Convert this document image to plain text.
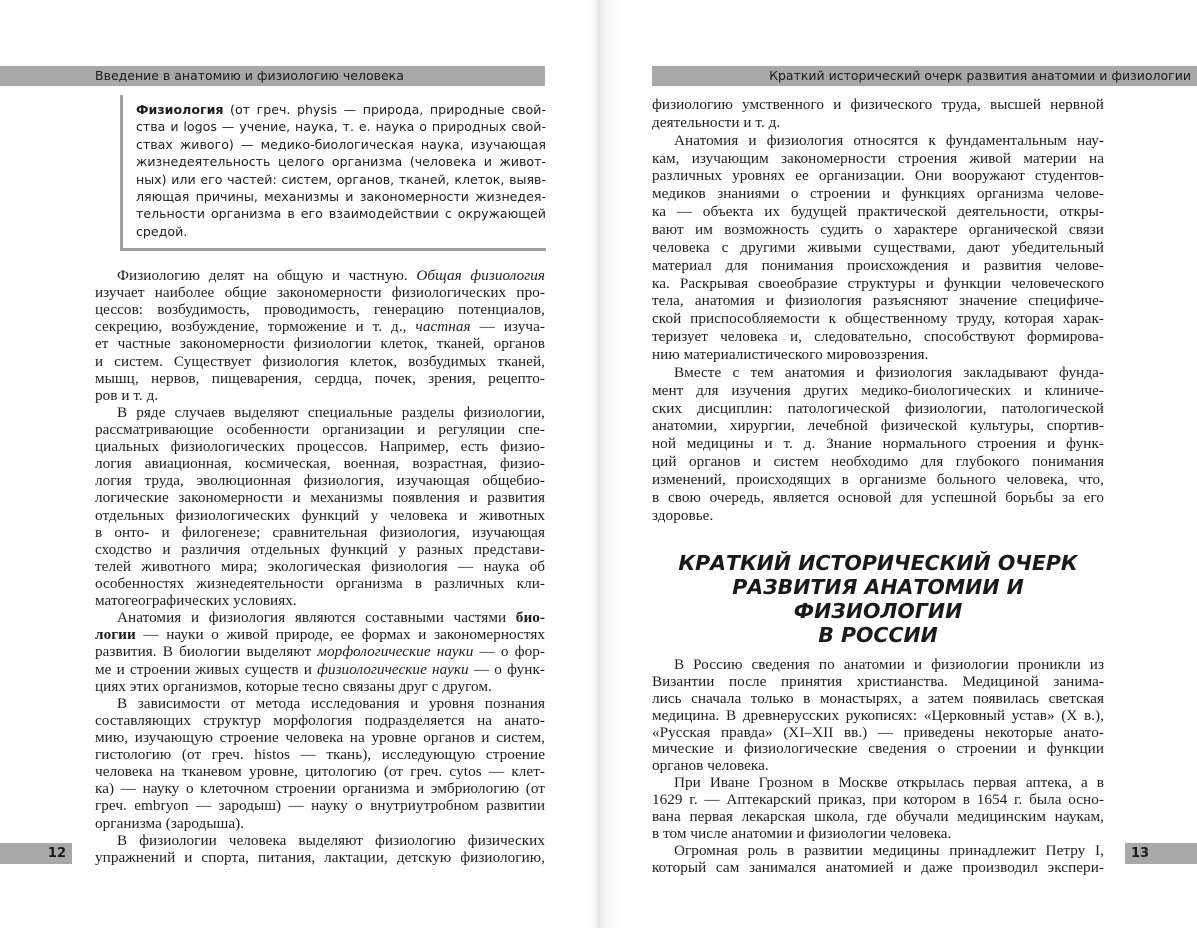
Введение в анатомию и физиологию человека
Физиология (от греч. physis — природа, природные свой-
ства и logos — учение, наука, т. е. наука о природных свой-
ствах живого) — медико-биологическая наука, изучающая
жизнедеятельность целого организма (человека и живот-
ных) или его частей: систем, органов, тканей, клеток, выяв-
ляющая причины, механизмы и закономерности жизнедея-
тельности организма в его взаимодействии с окружающей
средой.
Физиологию делят на общую и частную. Общая физиология
изучает наиболее общие закономерности физиологических про-
цессов: возбудимость, проводимость, генерацию потенциалов,
секрецию, возбуждение, торможение и т. д., частная — изуча-
ет частные закономерности физиологии клеток, тканей, органов
и систем. Существует физиология клеток, возбудимых тканей,
мышц, нервов, пищеварения, сердца, почек, зрения, рецепто-
ров и т. д.
В ряде случаев выделяют специальные разделы физиологии,
рассматривающие особенности организации и регуляции спе-
циальных физиологических процессов. Например, есть физио-
логия авиационная, космическая, военная, возрастная, физио-
логия труда, эволюционная физиология, изучающая общебио-
логические закономерности и механизмы появления и развития
отдельных физиологических функций у человека и животных
в онто- и филогенезе; сравнительная физиология, изучающая
сходство и различия отдельных функций у разных представи-
телей животного мира; экологическая физиология — наука об
особенностях жизнедеятельности организма в различных кли-
матогеографических условиях.
Анатомия и физиология являются составными частями био-
логии — науки о живой природе, ее формах и закономерностях
развития. В биологии выделяют морфологические науки — о фор-
ме и строении живых существ и физиологические науки — о функ-
циях этих организмов, которые тесно связаны друг с другом.
В зависимости от метода исследования и уровня познания
составляющих структур морфология подразделяется на анато-
мию, изучающую строение человека на уровне органов и систем,
гистологию (от греч. histos — ткань), исследующую строение
человека на тканевом уровне, цитологию (от греч. cytos — клет-
ка) — науку о клеточном строении организма и эмбриологию (от
греч. embryon — зародыш) — науку о внутриутробном развитии
организма (зародыша).
В физиологии человека выделяют физиологию физических
упражнений и спорта, питания, лактации, детскую физиологию,
12
Краткий исторический очерк развития анатомии и физиологии
физиологию умственного и физического труда, высшей нервной
деятельности и т. д.
Анатомия и физиология относятся к фундаментальным нау-
кам, изучающим закономерности строения живой материи на
различных уровнях ее организации. Они вооружают студентов-
медиков знаниями о строении и функциях организма челове-
ка — объекта их будущей практической деятельности, откры-
вают им возможность судить о характере органической связи
человека с другими живыми существами, дают убедительный
материал для понимания происхождения и развития челове-
ка. Раскрывая своеобразие структуры и функции человеческого
тела, анатомия и физиология разъясняют значение специфиче-
ской приспособляемости к общественному труду, которая харак-
теризует человека и, следовательно, способствуют формирова-
нию материалистического мировоззрения.
Вместе с тем анатомия и физиология закладывают фунда-
мент для изучения других медико-биологических и клиниче-
ских дисциплин: патологической физиологии, патологической
анатомии, хирургии, лечебной физической культуры, спортив-
ной медицины и т. д. Знание нормального строения и функ-
ций органов и систем необходимо для глубокого понимания
изменений, происходящих в организме больного человека, что,
в свою очередь, является основой для успешной борьбы за его
здоровье.
КРАТКИЙ ИСТОРИЧЕСКИЙ ОЧЕРК
РАЗВИТИЯ АНАТОМИИ И ФИЗИОЛОГИИ
В РОССИИ
В Россию сведения по анатомии и физиологии проникли из
Византии после принятия христианства. Медициной занима-
лись сначала только в монастырях, а затем появилась светская
медицина. В древнерусских рукописях: «Церковный устав» (X в.),
«Русская правда» (XI–XII вв.) — приведены некоторые анато-
мические и физиологические сведения о строении и функции
органов человека.
При Иване Грозном в Москве открылась первая аптека, а в
1629 г. — Аптекарский приказ, при котором в 1654 г. была осно-
вана первая лекарская школа, где обучали медицинским наукам,
в том числе анатомии и физиологии человека.
Огромная роль в развитии медицины принадлежит Петру I,
который сам занимался анатомией и даже производил экспери-
13
